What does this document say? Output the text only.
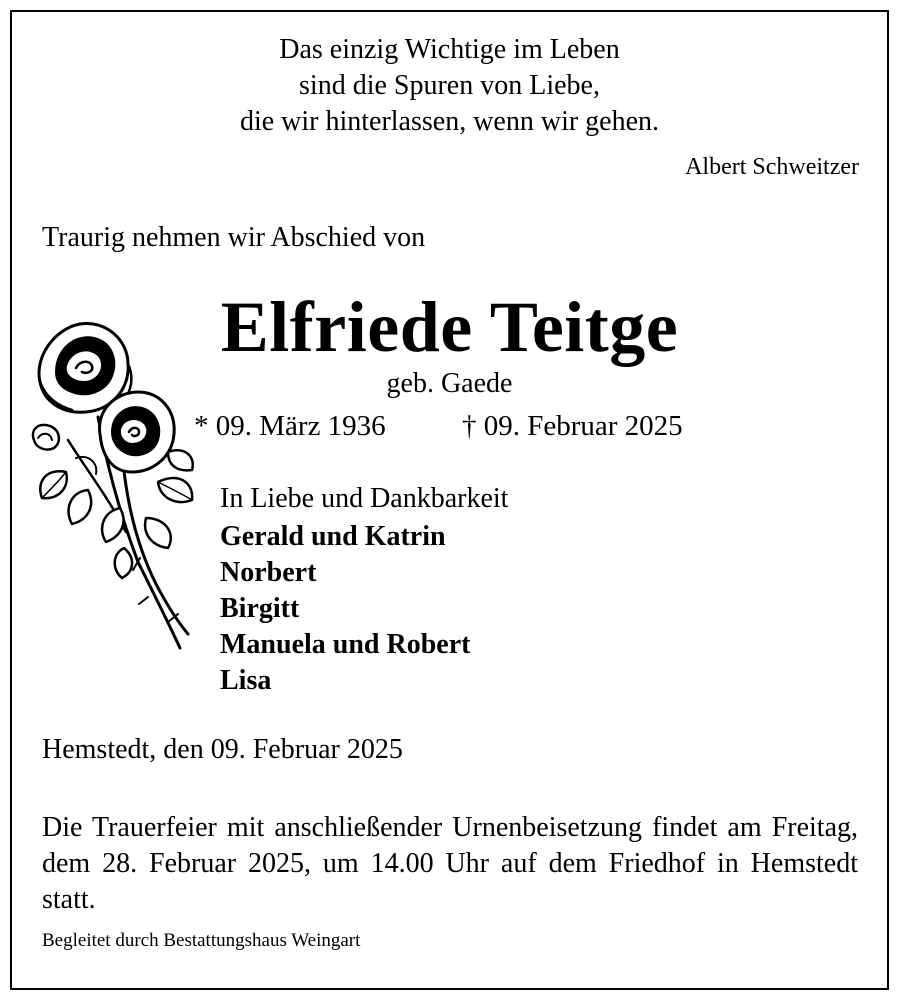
Das einzig Wichtige im Leben
sind die Spuren von Liebe,
die wir hinterlassen, wenn wir gehen.
Albert Schweitzer
Traurig nehmen wir Abschied von
Elfriede Teitge
geb. Gaede
* 09. März 1936	† 09. Februar 2025
In Liebe und Dankbarkeit
Gerald und Katrin
Norbert
Birgitt
Manuela und Robert
Lisa
Hemstedt, den 09. Februar 2025
Die Trauerfeier mit anschließender Urnenbeisetzung findet am Freitag, dem 28. Februar 2025, um 14.00 Uhr auf dem Friedhof in Hemstedt statt.
Begleitet durch Bestattungshaus Weingart
